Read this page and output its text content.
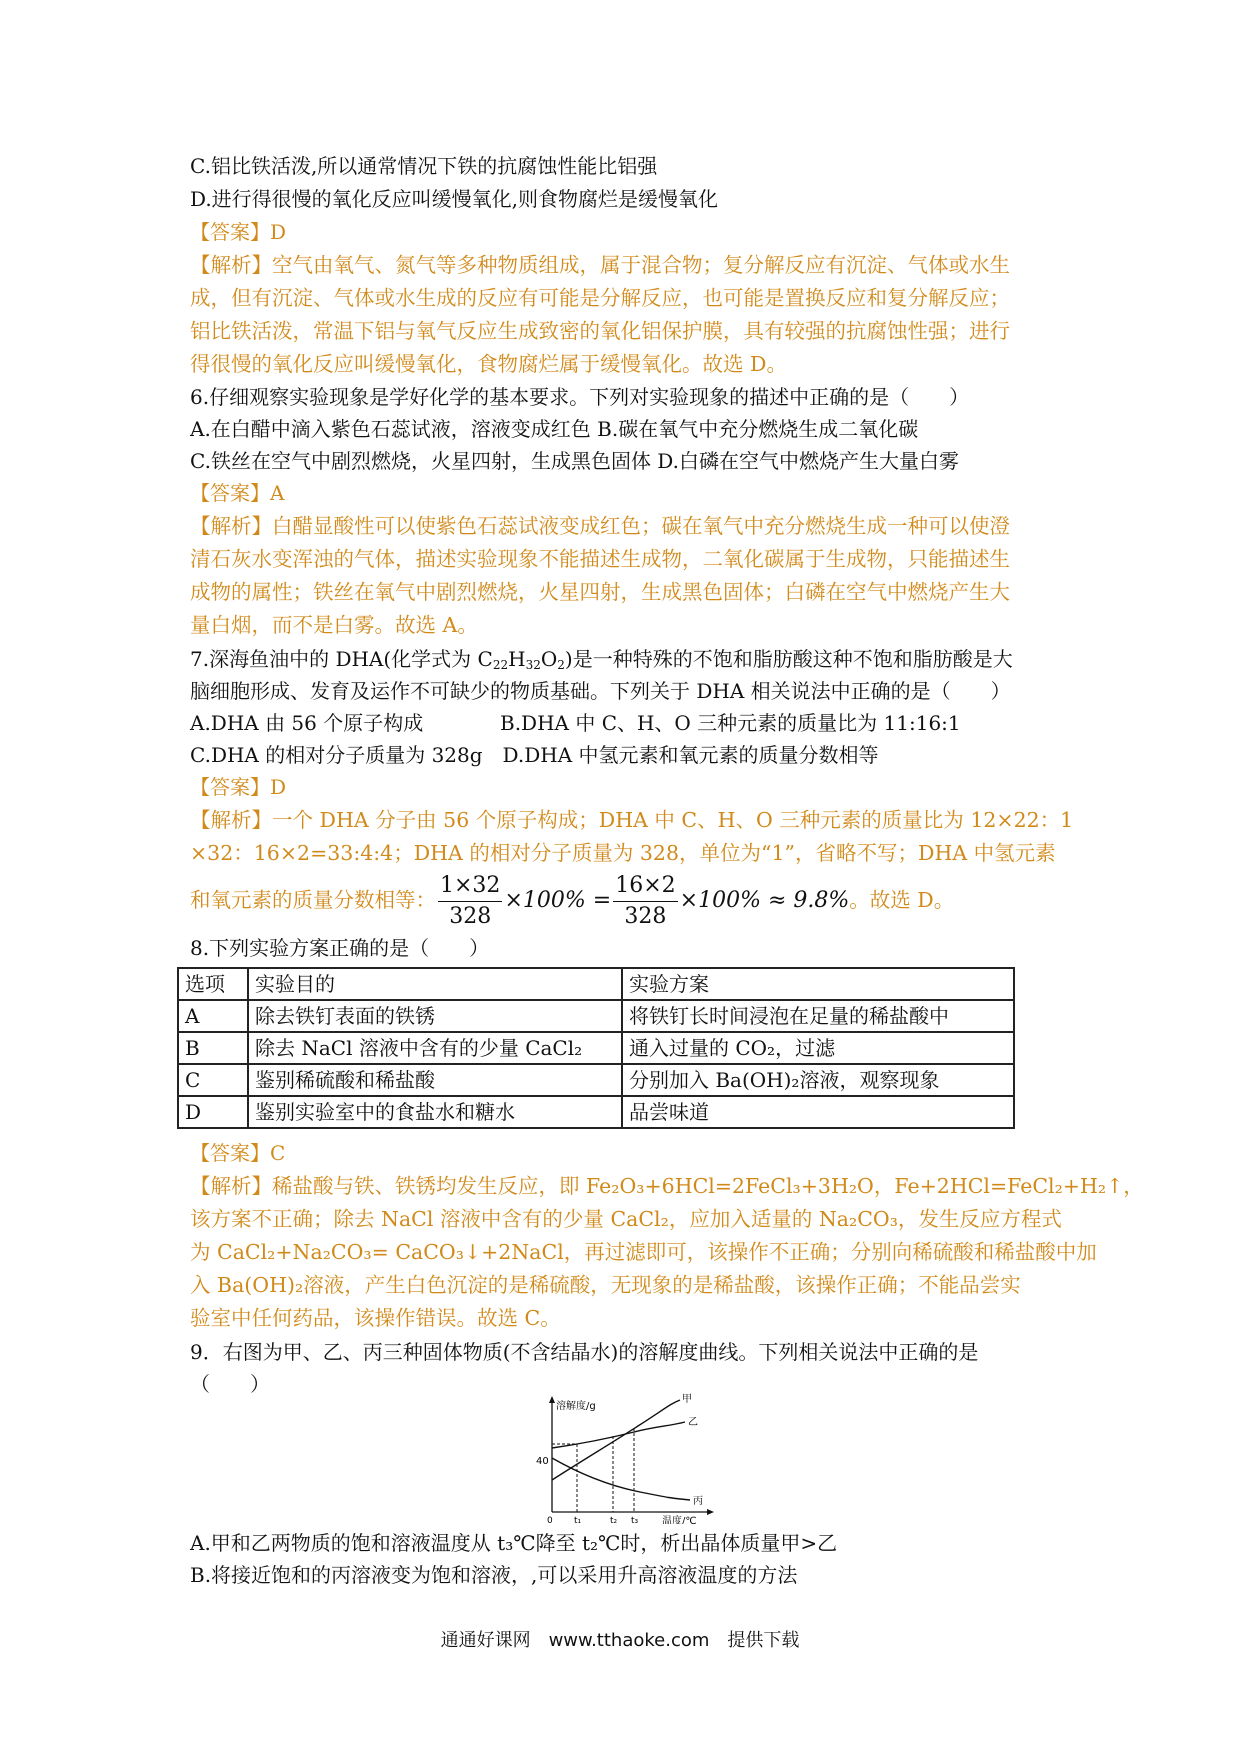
C.铝比铁活泼,所以通常情况下铁的抗腐蚀性能比铝强
D.进行得很慢的氧化反应叫缓慢氧化,则食物腐烂是缓慢氧化
【答案】D
【解析】空气由氧气、氮气等多种物质组成，属于混合物；复分解反应有沉淀、气体或水生
成，但有沉淀、气体或水生成的反应有可能是分解反应，也可能是置换反应和复分解反应；
铝比铁活泼，常温下铝与氧气反应生成致密的氧化铝保护膜，具有较强的抗腐蚀性强；进行
得很慢的氧化反应叫缓慢氧化，食物腐烂属于缓慢氧化。故选 D。
6.仔细观察实验现象是学好化学的基本要求。下列对实验现象的描述中正确的是（　　）
A.在白醋中滴入紫色石蕊试液，溶液变成红色 B.碳在氧气中充分燃烧生成二氧化碳
C.铁丝在空气中剧烈燃烧，火星四射，生成黑色固体 D.白磷在空气中燃烧产生大量白雾
【答案】A
【解析】白醋显酸性可以使紫色石蕊试液变成红色；碳在氧气中充分燃烧生成一种可以使澄
清石灰水变浑浊的气体，描述实验现象不能描述生成物，二氧化碳属于生成物，只能描述生
成物的属性；铁丝在氧气中剧烈燃烧，火星四射，生成黑色固体；白磷在空气中燃烧产生大
量白烟，而不是白雾。故选 A。
7.深海鱼油中的 DHA(化学式为 $C_{22}H_{32}O_2$)是一种特殊的不饱和脂肪酸这种不饱和脂肪酸是大
脑细胞形成、发育及运作不可缺少的物质基础。下列关于 DHA 相关说法中正确的是（　　）
A.DHA 由 56 个原子构成	B.DHA 中 C、H、O 三种元素的质量比为 11:16:1
C.DHA 的相对分子质量为 328g　D.DHA 中氢元素和氧元素的质量分数相等
【答案】D
【解析】一个 DHA 分子由 56 个原子构成；DHA 中 C、H、O 三种元素的质量比为 12×22：1
×32：16×2=33:4:4；DHA 的相对分子质量为 328，单位为“1”，省略不写；DHA 中氢元素
和氧元素的质量分数相等： $\frac{1\times 32}{328} \times 100\% = \frac{16\times 2}{328} \times 100\% \approx 9.8\%$。故选 D。
8.下列实验方案正确的是（　　）
选项	实验目的	实验方案
A	除去铁钉表面的铁锈	将铁钉长时间浸泡在足量的稀盐酸中
B	除去 NaCl 溶液中含有的少量 CaCl₂	通入过量的 CO₂，过滤
C	鉴别稀硫酸和稀盐酸	分别加入 Ba(OH)₂溶液，观察现象
D	鉴别实验室中的食盐水和糖水	品尝味道
【答案】C
【解析】稀盐酸与铁、铁锈均发生反应，即 Fe₂O₃+6HCl=2FeCl₃+3H₂O，Fe+2HCl=FeCl₂+H₂↑，
该方案不正确；除去 NaCl 溶液中含有的少量 CaCl₂，应加入适量的 Na₂CO₃，发生反应方程式
为 CaCl₂+Na₂CO₃= CaCO₃↓+2NaCl，再过滤即可，该操作不正确；分别向稀硫酸和稀盐酸中加
入 Ba(OH)₂溶液，产生白色沉淀的是稀硫酸，无现象的是稀盐酸，该操作正确；不能品尝实
验室中任何药品，该操作错误。故选 C。
9．右图为甲、乙、丙三种固体物质(不含结晶水)的溶解度曲线。下列相关说法中正确的是
（　　）
溶解度/g
温度/℃
40
0 t₁	t₂ t₃
甲
乙
丙
A.甲和乙两物质的饱和溶液温度从 t₃℃降至 t₂℃时，析出晶体质量甲>乙
B.将接近饱和的丙溶液变为饱和溶液，,可以采用升高溶液温度的方法
通通好课网　www.tthaoke.com　提供下载
